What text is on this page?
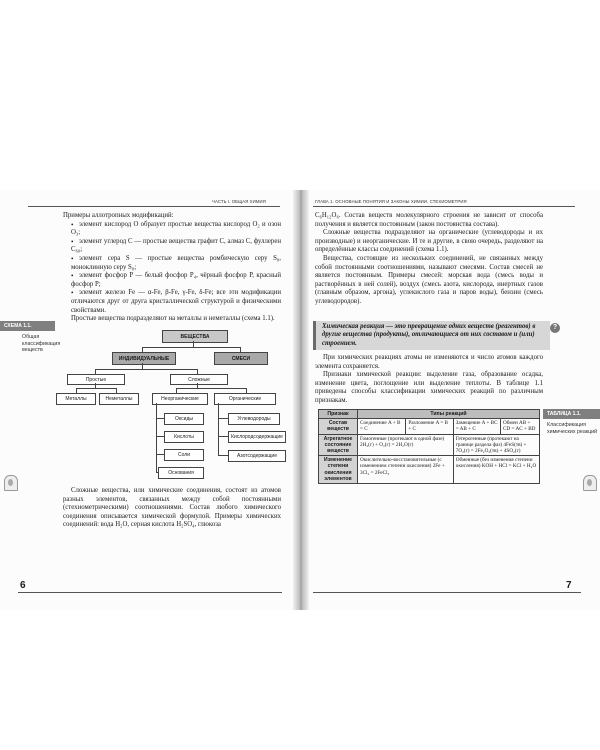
ЧАСТЬ I. ОБЩАЯ ХИМИЯ

Примеры аллотропных модификаций:

• элемент кислород O образует простые вещества кислород O₂ и озон O₃;

• элемент углерод C — простые вещества графит C, алмаз C, фуллерен C₆₀;

• элемент сера S — простые вещества ромбическую серу S₈, моноклинную серу S₈;

• элемент фосфор P — белый фосфор P₄, чёрный фосфор P, красный фосфор P;

• элемент железо Fe — α-Fe, β-Fe, γ-Fe, δ-Fe; все эти модификации отличаются друг от друга кристаллической структурой и физическими свойствами.

Простые вещества подразделяют на металлы и неметаллы (схема 1.1).

СХЕМА 1.1.
Общая классификация веществ
ВЕЩЕСТВА
ИНДИВИДУАЛЬНЫЕ	СМЕСИ
Простые	Сложные
Металлы	Неметаллы	Неорганические	Органические
Оксиды
Кислоты
Соли
Основания
Углеводороды
Кислородсодержащие
Азотсодержащие

Сложные вещества, или химические соединения, состоят из атомов разных элементов, связанных между собой постоянными (стехиометрическими) соотношениями. Состав любого химического соединения описывается химической формулой. Примеры химических соединений: вода H₂O, серная кислота H₂SO₄, глюкоза

6
ГЛАВА 1. ОСНОВНЫЕ ПОНЯТИЯ И ЗАКОНЫ ХИМИИ. СТЕХИОМЕТРИЯ

C₆H₁₂O₆. Состав веществ молекулярного строения не зависит от способа получения и является постоянным (закон постоянства состава).

Сложные вещества подразделяют на органические (углеводороды и их производные) и неорганические. И те и другие, в свою очередь, разделяют на определённые классы соединений (схема 1.1).

Вещества, состоящие из нескольких соединений, не связанных между собой постоянными соотношениями, называют смесями. Состав смесей не является постоянным. Примеры смесей: морская вода (смесь воды и растворённых в ней солей), воздух (смесь азота, кислорода, инертных газов (главным образом, аргона), углекислого газа и паров воды), бензин (смесь углеводородов).

Химическая реакция — это превращение одних веществ (реагентов) в другие вещества (продукты), отличающиеся от них составом и (или) строением.
?

При химических реакциях атомы не изменяются и число атомов каждого элемента сохраняется.

Признаки химической реакции: выделение газа, образование осадка, изменение цвета, поглощение или выделение теплоты. В таблице 1.1 приведены способы классификации химических реакций по различным признакам.

ТАБЛИЦА 1.1.
Классификация химических реакций
Признак	Типы реакций			
Состав веществ	Соединение A + B = C	Разложение A = B + C	Замещение A + BC = AB + C	Обмен AB + CD = AC + BD
Агрегатное состояние веществ	Гомогенные (протекают в одной фазе) 2H₂(г) + O₂(г) = 2H₂O(г)		Гетерогенные (протекают на границе раздела фаз) 4FeS(тв) + 7O₂(г) = 2Fe₂O₃(тв) + 4SO₂(г)	
Изменение степени окисления элементов	Окислительно-восстановительные (с изменением степени окисления) 2Fe + 3Cl₂ = 2FeCl₃		Обменные (без изменения степени окисления) KOH + HCl = KCl + H₂O	
7
